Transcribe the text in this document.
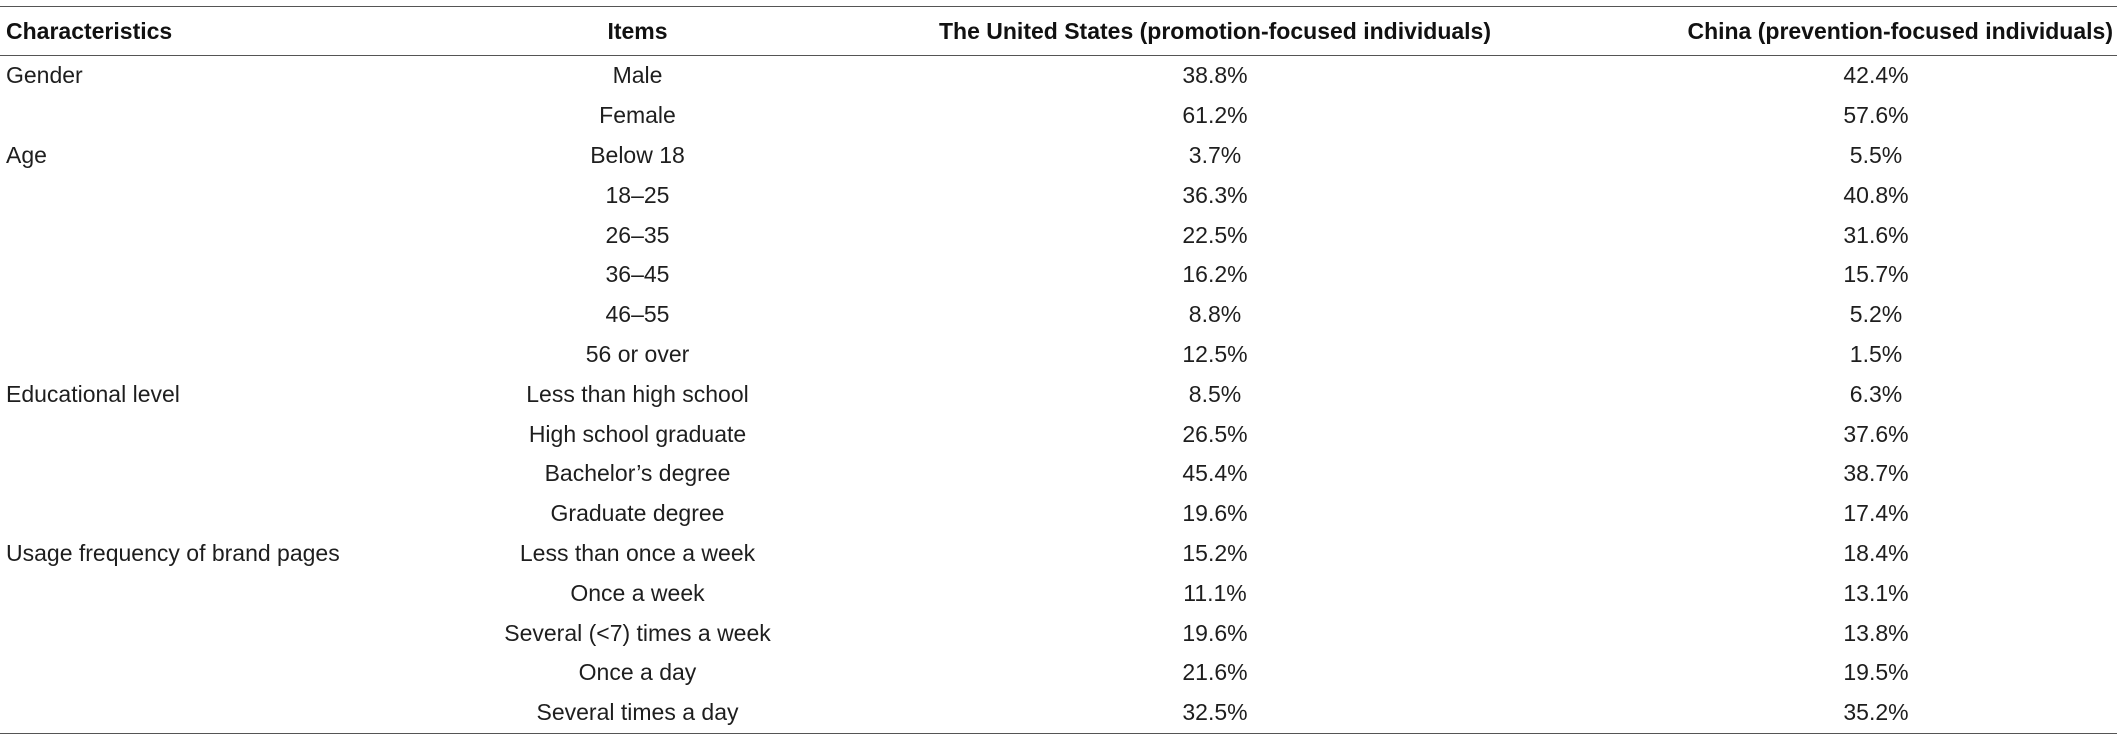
Characteristics	Items	The United States (promotion-focused individuals)	China (prevention-focused individuals)
Gender	Male	38.8%	42.4%
	Female	61.2%	57.6%
Age	Below 18	3.7%	5.5%
	18–25	36.3%	40.8%
	26–35	22.5%	31.6%
	36–45	16.2%	15.7%
	46–55	8.8%	5.2%
	56 or over	12.5%	1.5%
Educational level	Less than high school	8.5%	6.3%
	High school graduate	26.5%	37.6%
	Bachelor’s degree	45.4%	38.7%
	Graduate degree	19.6%	17.4%
Usage frequency of brand pages	Less than once a week	15.2%	18.4%
	Once a week	11.1%	13.1%
	Several (<7) times a week	19.6%	13.8%
	Once a day	21.6%	19.5%
	Several times a day	32.5%	35.2%
